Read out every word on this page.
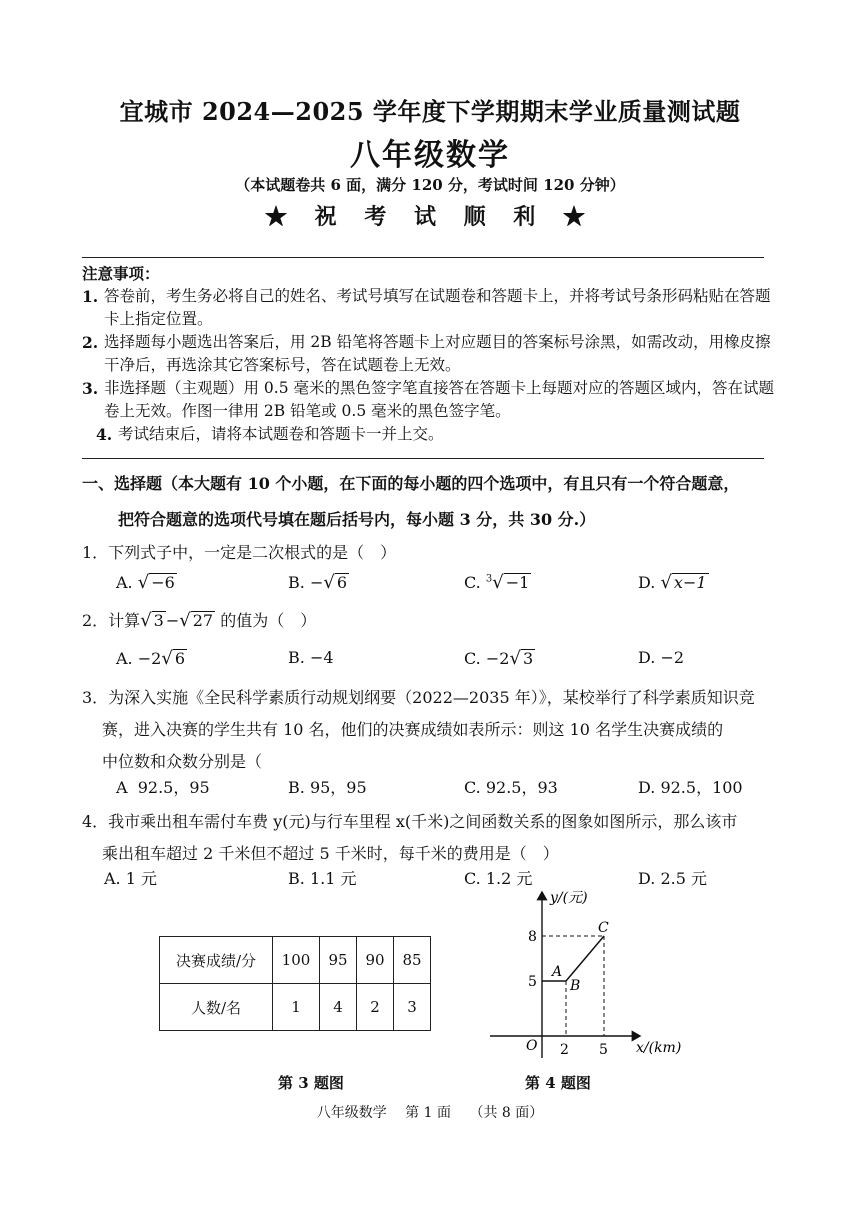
宜城市 2024—2025 学年度下学期期末学业质量测试题
八年级数学
（本试题卷共 6 面，满分 120 分，考试时间 120 分钟）
★ 祝 考 试 顺 利 ★
注意事项：
1. 答卷前，考生务必将自己的姓名、考试号填写在试题卷和答题卡上，并将考试号条形码粘贴在答题卡上指定位置。
2. 选择题每小题选出答案后，用 2B 铅笔将答题卡上对应题目的答案标号涂黑，如需改动，用橡皮擦干净后，再选涂其它答案标号，答在试题卷上无效。
3. 非选择题（主观题）用 0.5 毫米的黑色签字笔直接答在答题卡上每题对应的答题区域内，答在试题卷上无效。作图一律用 2B 铅笔或 0.5 毫米的黑色签字笔。
4. 考试结束后，请将本试题卷和答题卡一并上交。
一、选择题（本大题有 10 个小题，在下面的每小题的四个选项中，有且只有一个符合题意，
把符合题意的选项代号填在题后括号内，每小题 3 分，共 30 分.）
1．下列式子中，一定是二次根式的是（　）
A. √ −6	B. −√ 6	C. $^3$√ −1	D. √ x−1
2．计算√ 3 −√ 27 的值为（　）
A. −2√ 6	B. −4	C. −2√ 3	D. −2
3．为深入实施《全民科学素质行动规划纲要（2022—2035 年）》，某校举行了科学素质知识竞
赛，进入决赛的学生共有 10 名，他们的决赛成绩如表所示：则这 10 名学生决赛成绩的
中位数和众数分别是（
A 92.5，95	B. 95，95	C. 92.5，93	D. 92.5，100
4．我市乘出租车需付车费 y(元)与行车里程 x(千米)之间函数关系的图象如图所示，那么该市
乘出租车超过 2 千米但不超过 5 千米时，每千米的费用是（　）
A. 1 元	B. 1.1 元	C. 1.2 元	D. 2.5 元
决赛成绩/分	100	95	90	85
人数/名	1	4	2	3
第 3 题图
y/(元)
x/(km)
O
8
5
2 5
A
B
C
第 4 题图
八年级数学　 第 1 面　 （共 8 面）
